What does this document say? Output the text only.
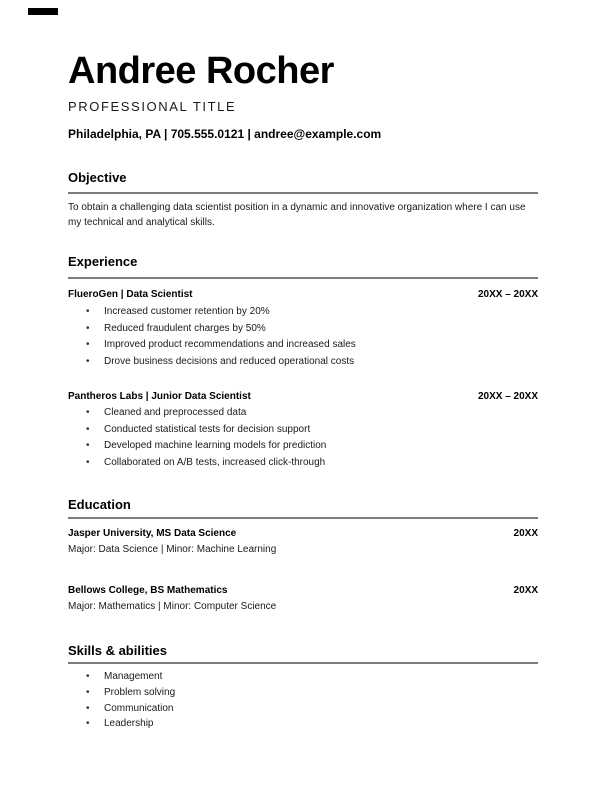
Andree Rocher
PROFESSIONAL TITLE
Philadelphia, PA | 705.555.0121 | andree@example.com
Objective
To obtain a challenging data scientist position in a dynamic and innovative organization where I can use
my technical and analytical skills.
Experience
FlueroGen | Data Scientist	20XX – 20XX
• Increased customer retention by 20%
• Reduced fraudulent charges by 50%
• Improved product recommendations and increased sales
• Drove business decisions and reduced operational costs
Pantheros Labs | Junior Data Scientist	20XX – 20XX
• Cleaned and preprocessed data
• Conducted statistical tests for decision support
• Developed machine learning models for prediction
• Collaborated on A/B tests, increased click-through
Education
Jasper University, MS Data Science	20XX
Major: Data Science | Minor: Machine Learning
Bellows College, BS Mathematics	20XX
Major: Mathematics | Minor: Computer Science
Skills & abilities
• Management
• Problem solving
• Communication
• Leadership
